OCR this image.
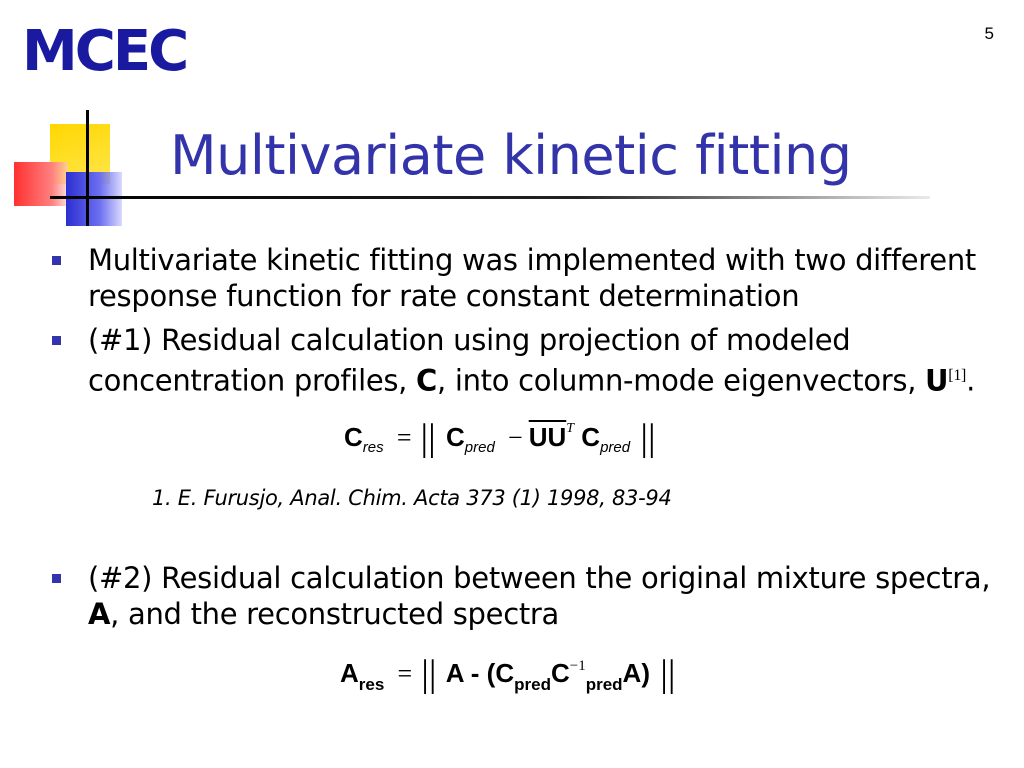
MCEC	5
Multivariate kinetic fitting
Multivariate kinetic fitting was implemented with two different response function for rate constant determination
(#1) Residual calculation using projection of modeled concentration profiles, C, into column-mode eigenvectors, U[1].
$C_{res}$ = || $C_{pred} - \overline{U}\overline{U}^T$ $C_{pred}$ ||
1. E. Furusjo, Anal. Chim. Acta 373 (1) 1998, 83-94
(#2) Residual calculation between the original mixture spectra, A, and the reconstructed spectra
$A_{res}$ = || A - $(C_{pred}C^{-1}_{pred}A)$ ||
